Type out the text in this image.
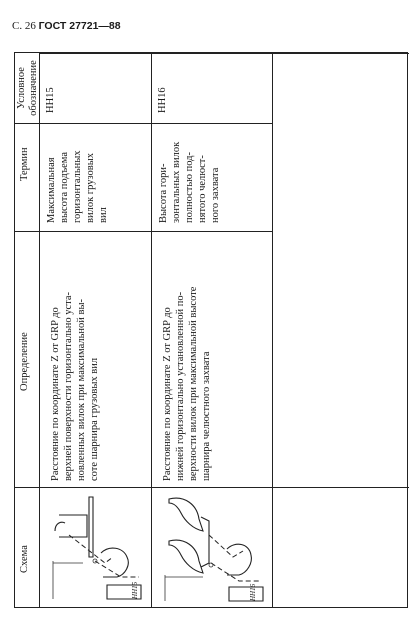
С. 26 ГОСТ 27721—88
Условное обозначение
Термин
Определение
Схема
НН15
Максимальная высота подъема горизонтальных вилок грузовых вил
Расстояние по координате Z от GRP до верхней поверхности горизонтально уста- новленных вилок при максимальной вы- соте шарнира грузовых вил
НН16
Высота гори- зонтальных вилок полностью под- нятого челюст- ного захвата
Расстояние по координате Z от GRP до нижней горизонтально установленной по- верхности вилок при максимальной высоте шарнира челюстного захвата
НН15	НН16
